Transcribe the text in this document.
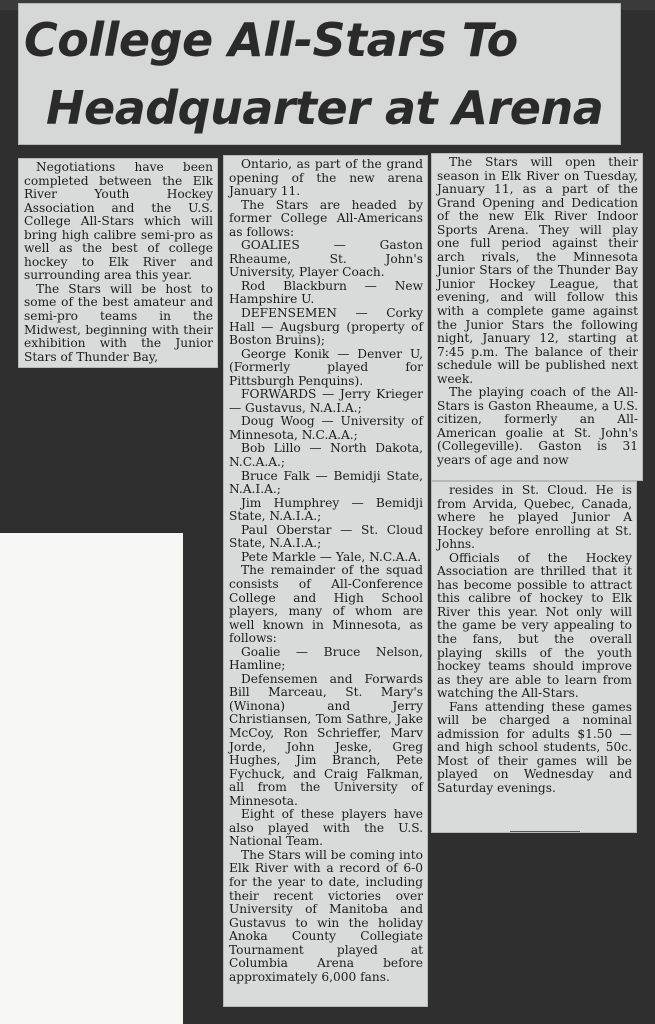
College All-Stars To
Headquarter at Arena

Negotiations have been completed between the Elk River Youth Hockey Association and the U.S. College All-Stars which will bring high calibre semi-pro as well as the best of college hockey to Elk River and surrounding area this year.

The Stars will be host to some of the best amateur and semi-pro teams in the Midwest, beginning with their exhibition with the Junior Stars of Thunder Bay,

Ontario, as part of the grand opening of the new arena January 11.

The Stars are headed by former College All-Americans as follows:

GOALIES — Gaston Rheaume, St. John's University, Player Coach.

Rod Blackburn — New Hampshire U.

DEFENSEMEN — Corky Hall — Augsburg (property of Boston Bruins);

George Konik — Denver U, (Formerly played for Pittsburgh Penquins).

FORWARDS — Jerry Krieger — Gustavus, N.A.I.A.;

Doug Woog — University of Minnesota, N.C.A.A.;

Bob Lillo — North Dakota, N.C.A.A.;

Bruce Falk — Bemidji State, N.A.I.A.;

Jim Humphrey — Bemidji State, N.A.I.A.;

Paul Oberstar — St. Cloud State, N.A.I.A.;

Pete Markle — Yale, N.C.A.A.

The remainder of the squad consists of All-Conference College and High School players, many of whom are well known in Minnesota, as follows:

Goalie — Bruce Nelson, Hamline;

Defensemen and Forwards Bill Marceau, St. Mary's (Winona) and Jerry Christiansen, Tom Sathre, Jake McCoy, Ron Schrieffer, Marv Jorde, John Jeske, Greg Hughes, Jim Branch, Pete Fychuck, and Craig Falkman, all from the University of Minnesota.

Eight of these players have also played with the U.S. National Team.

The Stars will be coming into Elk River with a record of 6-0 for the year to date, including their recent victories over University of Manitoba and Gustavus to win the holiday Anoka County Collegiate Tournament played at Columbia Arena before approximately 6,000 fans.

The Stars will open their season in Elk River on Tuesday, January 11, as a part of the Grand Opening and Dedication of the new Elk River Indoor Sports Arena. They will play one full period against their arch rivals, the Minnesota Junior Stars of the Thunder Bay Junior Hockey League, that evening, and will follow this with a complete game against the Junior Stars the following night, January 12, starting at 7:45 p.m. The balance of their schedule will be published next week.

The playing coach of the All-Stars is Gaston Rheaume, a U.S. citizen, formerly an All-American goalie at St. John's (Collegeville). Gaston is 31 years of age and now

resides in St. Cloud. He is from Arvida, Quebec, Canada, where he played Junior A Hockey before enrolling at St. Johns.

Officials of the Hockey Association are thrilled that it has become possible to attract this calibre of hockey to Elk River this year. Not only will the game be very appealing to the fans, but the overall playing skills of the youth hockey teams should improve as they are able to learn from watching the All-Stars.

Fans attending these games will be charged a nominal admission for adults $1.50 — and high school students, 50c. Most of their games will be played on Wednesday and Saturday evenings.
